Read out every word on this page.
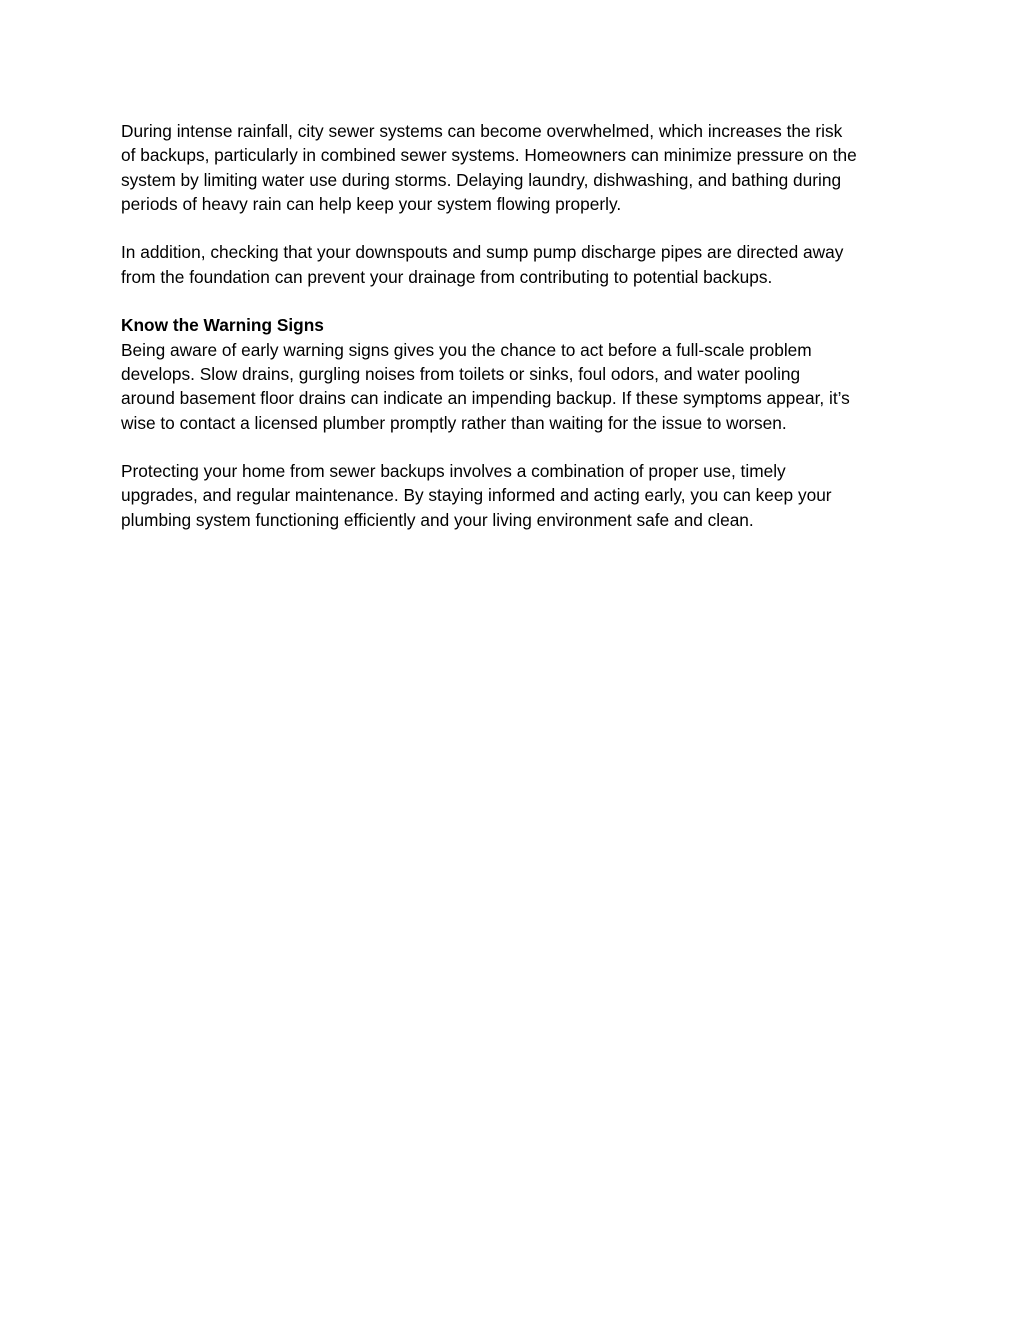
During intense rainfall, city sewer systems can become overwhelmed, which increases the risk
of backups, particularly in combined sewer systems. Homeowners can minimize pressure on the
system by limiting water use during storms. Delaying laundry, dishwashing, and bathing during
periods of heavy rain can help keep your system flowing properly.

In addition, checking that your downspouts and sump pump discharge pipes are directed away
from the foundation can prevent your drainage from contributing to potential backups.

Know the Warning Signs
Being aware of early warning signs gives you the chance to act before a full-scale problem
develops. Slow drains, gurgling noises from toilets or sinks, foul odors, and water pooling
around basement floor drains can indicate an impending backup. If these symptoms appear, it’s
wise to contact a licensed plumber promptly rather than waiting for the issue to worsen.

Protecting your home from sewer backups involves a combination of proper use, timely
upgrades, and regular maintenance. By staying informed and acting early, you can keep your
plumbing system functioning efficiently and your living environment safe and clean.
